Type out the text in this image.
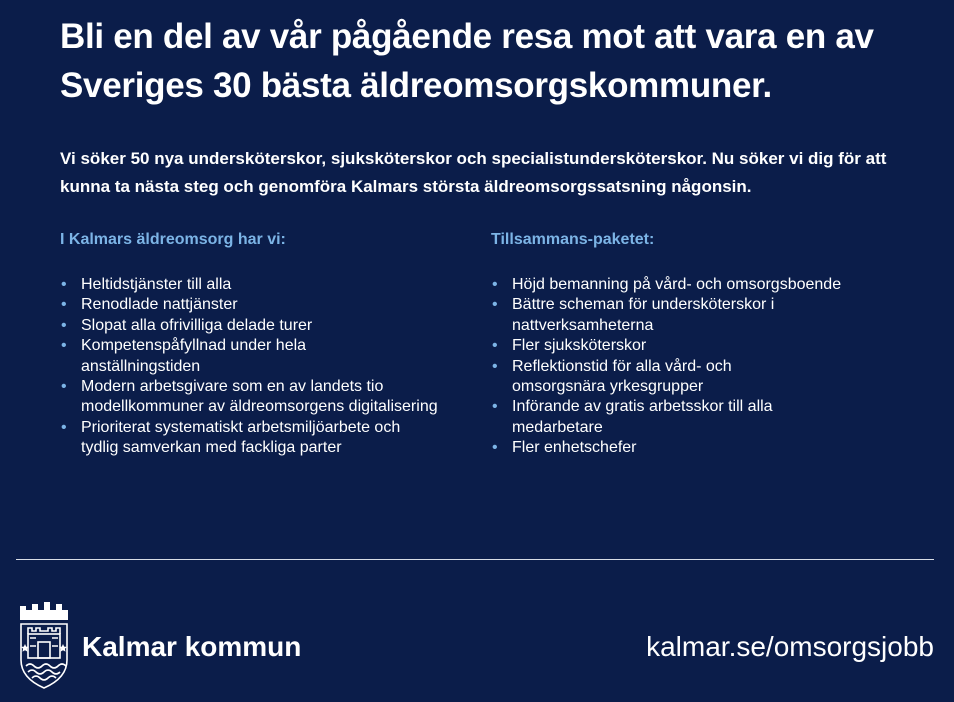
Bli en del av vår pågående resa mot att vara en av Sveriges 30 bästa äldreomsorgskommuner.

Vi söker 50 nya undersköterskor, sjuksköterskor och specialistundersköterskor. Nu söker vi dig för att kunna ta nästa steg och genomföra Kalmars största äldreomsorgssatsning någonsin.

I Kalmars äldreomsorg har vi:
• Heltidstjänster till alla
• Renodlade nattjänster
• Slopat alla ofrivilliga delade turer
• Kompetenspåfyllnad under hela anställningstiden
• Modern arbetsgivare som en av landets tio modellkommuner av äldreomsorgens digitalisering
• Prioriterat systematiskt arbetsmiljöarbete och tydlig samverkan med fackliga parter
Tillsammans-paketet:
• Höjd bemanning på vård- och omsorgsboende
• Bättre scheman för undersköterskor i nattverksamheterna
• Fler sjuksköterskor
• Reflektionstid för alla vård- och omsorgsnära yrkesgrupper
• Införande av gratis arbetsskor till alla medarbetare
• Fler enhetschefer
Kalmar kommun	kalmar.se/omsorgsjobb
